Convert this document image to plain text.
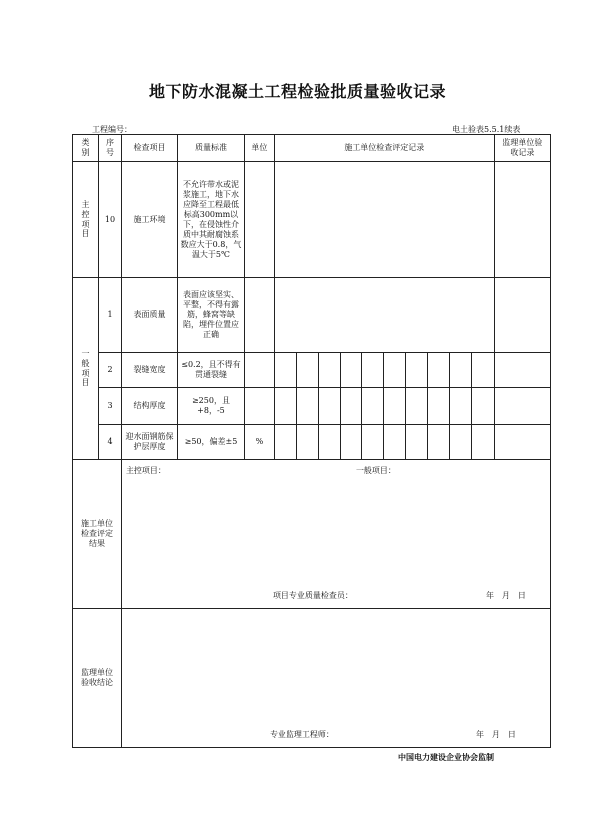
地下防水混凝土工程检验批质量验收记录
工程编号：	电土验表5.5.1续表
类别	序号	检查项目	质量标准	单位	施工单位检查评定记录										监理单位验收记录

主控项目	10	施工环境	不允许带水或泥浆施工，地下水应降至工程最低标高300mm以下，在侵蚀性介质中其耐腐蚀系数应大于0.8，气温大于5℃												

一般项目	1	表面质量	表面应该坚实、平整，不得有露筋，蜂窝等缺陷，埋件位置应正确												
	2	裂缝宽度	≤0.2，且不得有贯通裂缝												
	3	结构厚度	≥250，且+8，-5												
	4	迎水面钢筋保护层厚度	≥50，偏差±5	%											

施工单位检查评定结果		主控项目： 一般项目：
项目专业质量检查员： 年　月　日													

监理单位验收结论		专业监理工程师： 年　月　日													
中国电力建设企业协会监制
